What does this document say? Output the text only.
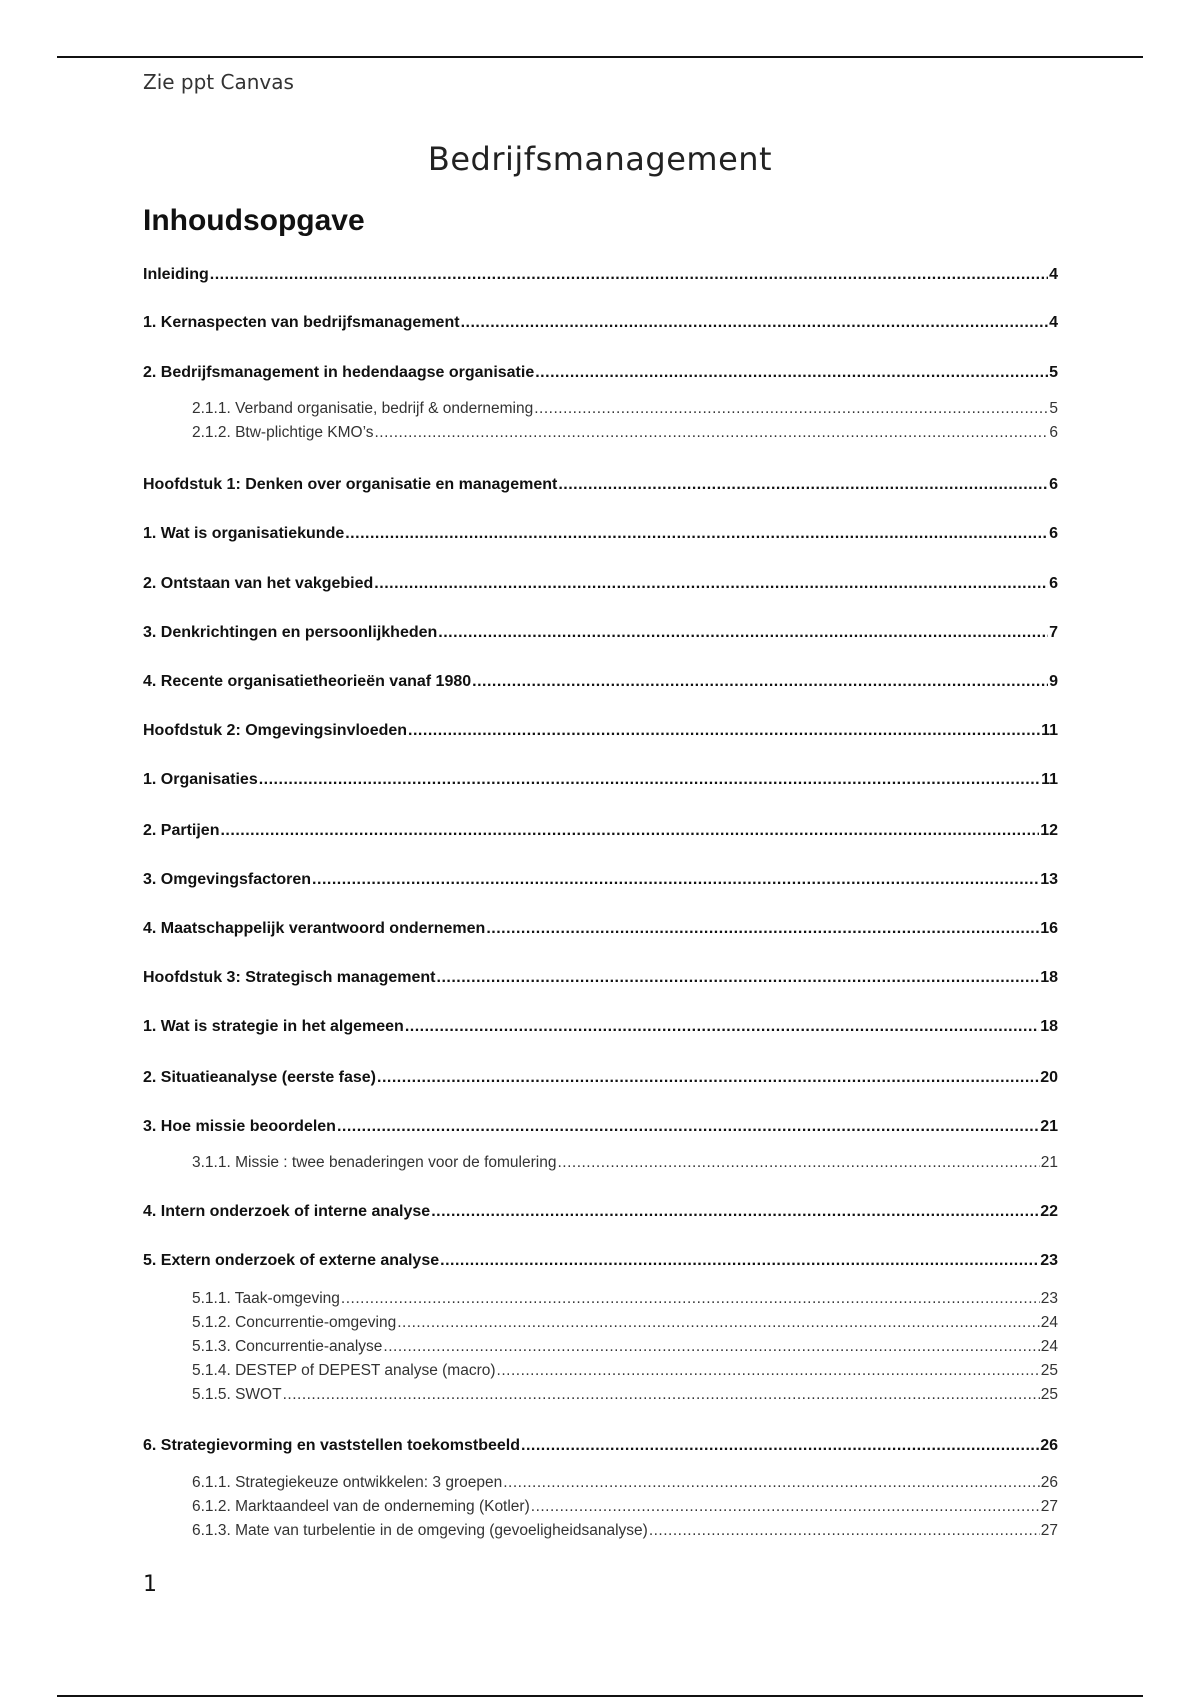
Zie ppt Canvas
Bedrijfsmanagement
Inhoudsopgave
Inleiding .....	4
1. Kernaspecten van bedrijfsmanagement .....	4
2. Bedrijfsmanagement in hedendaagse organisatie .....	5
2.1.1. Verband organisatie, bedrijf & onderneming .....	5
2.1.2. Btw-plichtige KMO’s .....	6
Hoofdstuk 1: Denken over organisatie en management .....	6
1. Wat is organisatiekunde .....	6
2. Ontstaan van het vakgebied .....	6
3. Denkrichtingen en persoonlijkheden .....	7
4. Recente organisatietheorieën vanaf 1980 .....	9
Hoofdstuk 2: Omgevingsinvloeden .....	11
1. Organisaties .....	11
2. Partijen .....	12
3. Omgevingsfactoren .....	13
4. Maatschappelijk verantwoord ondernemen .....	16
Hoofdstuk 3: Strategisch management .....	18
1. Wat is strategie in het algemeen .....	18
2. Situatieanalyse (eerste fase) .....	20
3. Hoe missie beoordelen .....	21
3.1.1. Missie : twee benaderingen voor de fomulering .....	21
4. Intern onderzoek of interne analyse .....	22
5. Extern onderzoek of externe analyse .....	23
5.1.1. Taak-omgeving .....	23
5.1.2. Concurrentie-omgeving .....	24
5.1.3. Concurrentie-analyse .....	24
5.1.4. DESTEP of DEPEST analyse (macro) .....	25
5.1.5. SWOT .....	25
6. Strategievorming en vaststellen toekomstbeeld .....	26
6.1.1. Strategiekeuze ontwikkelen: 3 groepen .....	26
6.1.2. Marktaandeel van de onderneming (Kotler) .....	27
6.1.3. Mate van turbelentie in de omgeving (gevoeligheidsanalyse) .....	27
1
